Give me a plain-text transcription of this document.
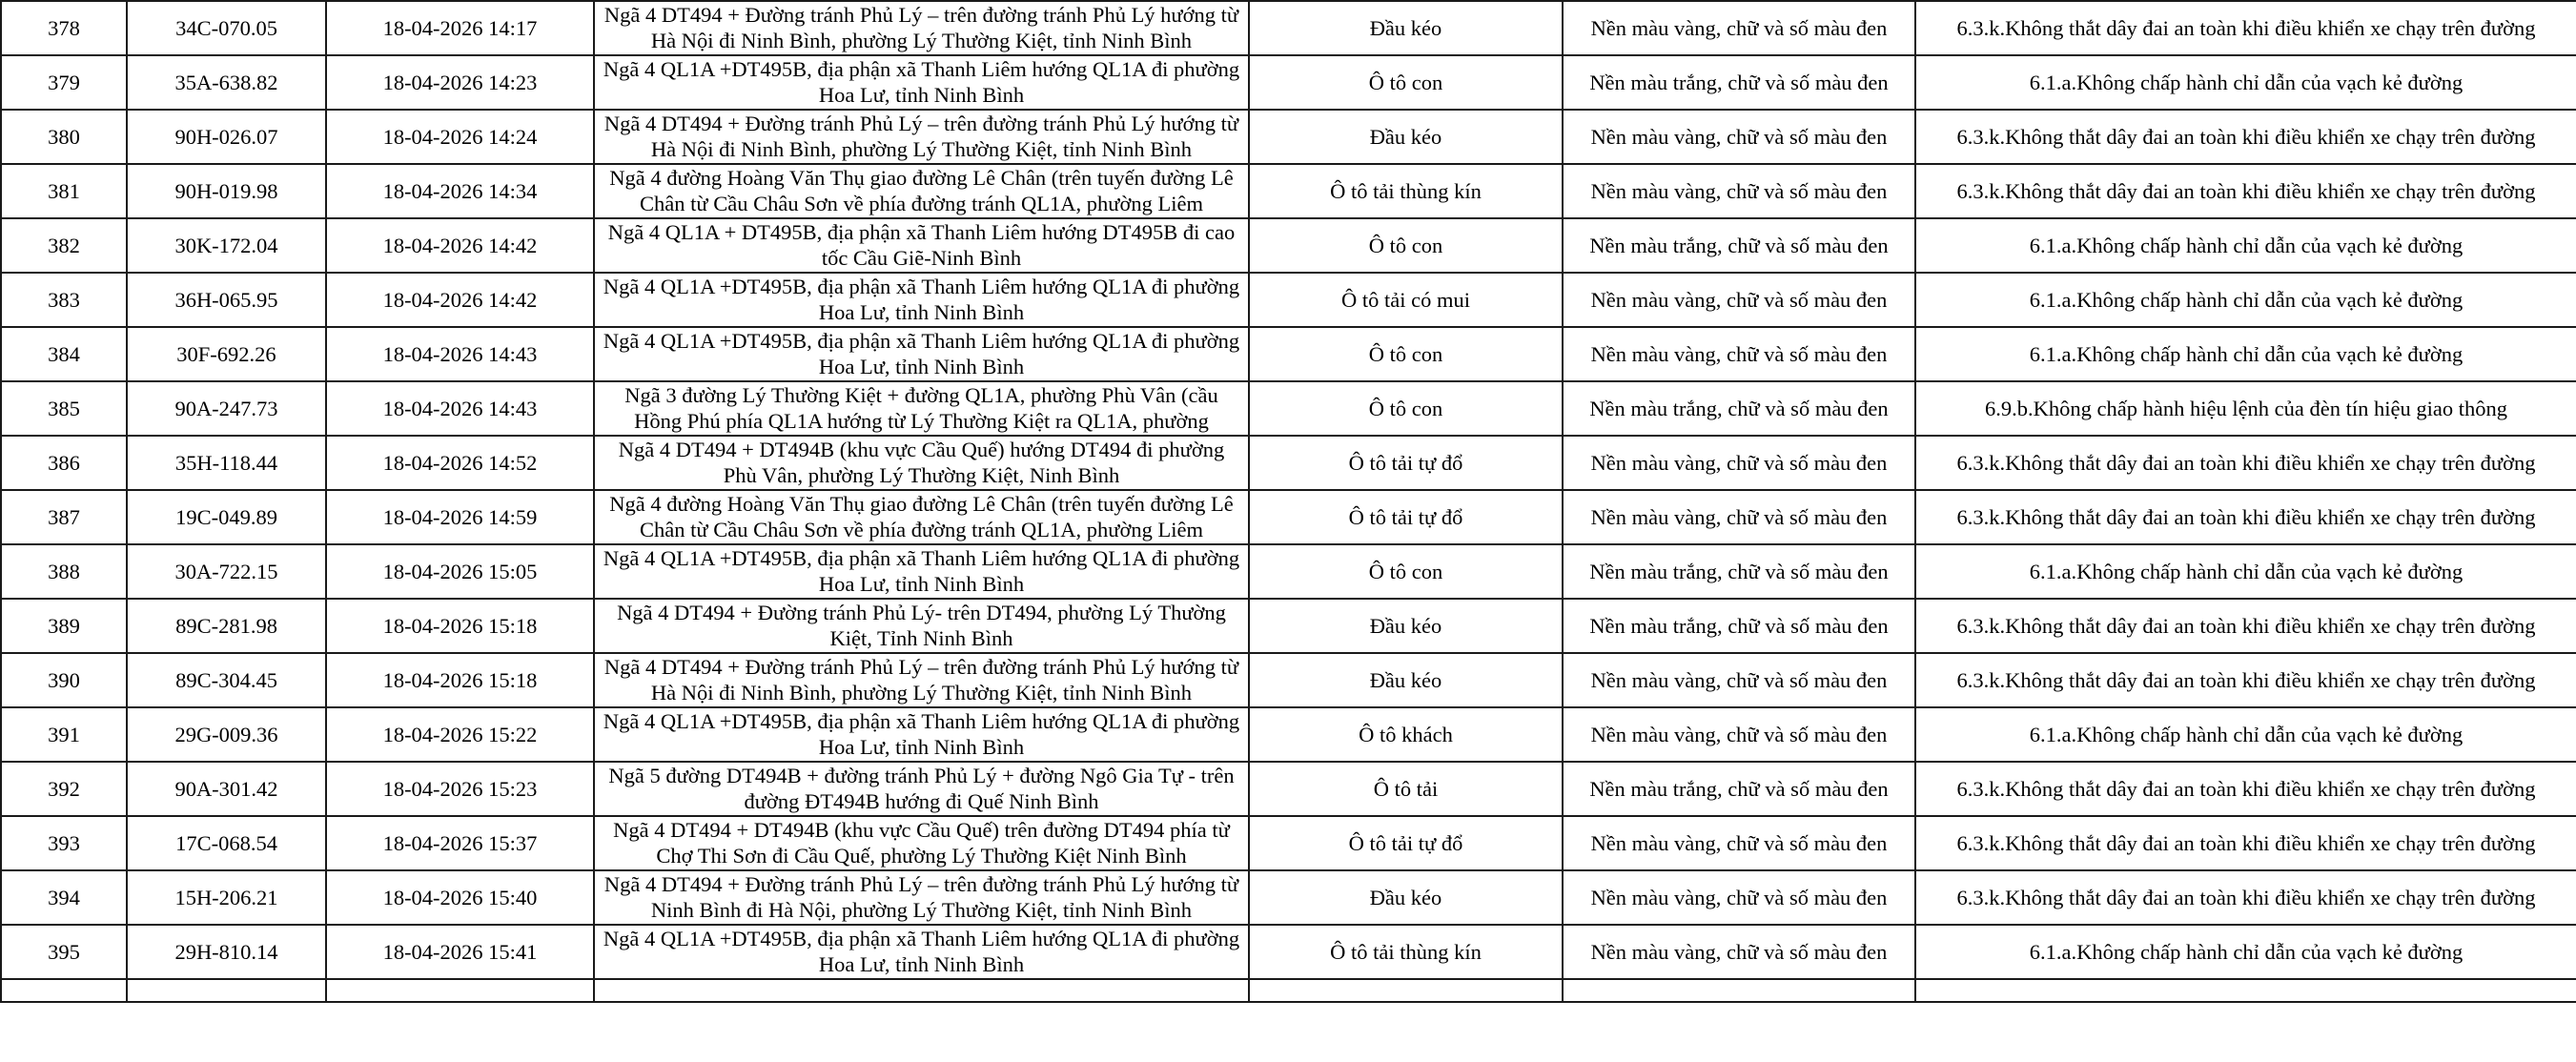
378	34C-070.05	18-04-2026 14:17	Ngã 4 DT494 + Đường tránh Phủ Lý – trên đường tránh Phủ Lý hướng từ Hà Nội đi Ninh Bình, phường Lý Thường Kiệt, tỉnh Ninh Bình	Đầu kéo	Nền màu vàng, chữ và số màu đen	6.3.k.Không thắt dây đai an toàn khi điều khiển xe chạy trên đường
379	35A-638.82	18-04-2026 14:23	Ngã 4 QL1A +DT495B, địa phận xã Thanh Liêm hướng QL1A đi phường Hoa Lư, tỉnh Ninh Bình	Ô tô con	Nền màu trắng, chữ và số màu đen	6.1.a.Không chấp hành chỉ dẫn của vạch kẻ đường
380	90H-026.07	18-04-2026 14:24	Ngã 4 DT494 + Đường tránh Phủ Lý – trên đường tránh Phủ Lý hướng từ Hà Nội đi Ninh Bình, phường Lý Thường Kiệt, tỉnh Ninh Bình	Đầu kéo	Nền màu vàng, chữ và số màu đen	6.3.k.Không thắt dây đai an toàn khi điều khiển xe chạy trên đường
381	90H-019.98	18-04-2026 14:34	Ngã 4 đường Hoàng Văn Thụ giao đường Lê Chân (trên tuyến đường Lê Chân từ Cầu Châu Sơn về phía đường tránh QL1A, phường Liêm	Ô tô tải thùng kín	Nền màu vàng, chữ và số màu đen	6.3.k.Không thắt dây đai an toàn khi điều khiển xe chạy trên đường
382	30K-172.04	18-04-2026 14:42	Ngã 4 QL1A + DT495B, địa phận xã Thanh Liêm hướng DT495B đi cao tốc Cầu Giẽ-Ninh Bình	Ô tô con	Nền màu trắng, chữ và số màu đen	6.1.a.Không chấp hành chỉ dẫn của vạch kẻ đường
383	36H-065.95	18-04-2026 14:42	Ngã 4 QL1A +DT495B, địa phận xã Thanh Liêm hướng QL1A đi phường Hoa Lư, tỉnh Ninh Bình	Ô tô tải có mui	Nền màu vàng, chữ và số màu đen	6.1.a.Không chấp hành chỉ dẫn của vạch kẻ đường
384	30F-692.26	18-04-2026 14:43	Ngã 4 QL1A +DT495B, địa phận xã Thanh Liêm hướng QL1A đi phường Hoa Lư, tỉnh Ninh Bình	Ô tô con	Nền màu vàng, chữ và số màu đen	6.1.a.Không chấp hành chỉ dẫn của vạch kẻ đường
385	90A-247.73	18-04-2026 14:43	Ngã 3 đường Lý Thường Kiệt + đường QL1A, phường Phù Vân (cầu Hồng Phú phía QL1A hướng từ Lý Thường Kiệt ra QL1A, phường	Ô tô con	Nền màu trắng, chữ và số màu đen	6.9.b.Không chấp hành hiệu lệnh của đèn tín hiệu giao thông
386	35H-118.44	18-04-2026 14:52	Ngã 4 DT494 + DT494B (khu vực Cầu Quế) hướng DT494 đi phường Phù Vân, phường Lý Thường Kiệt, Ninh Bình	Ô tô tải tự đổ	Nền màu vàng, chữ và số màu đen	6.3.k.Không thắt dây đai an toàn khi điều khiển xe chạy trên đường
387	19C-049.89	18-04-2026 14:59	Ngã 4 đường Hoàng Văn Thụ giao đường Lê Chân (trên tuyến đường Lê Chân từ Cầu Châu Sơn về phía đường tránh QL1A, phường Liêm	Ô tô tải tự đổ	Nền màu vàng, chữ và số màu đen	6.3.k.Không thắt dây đai an toàn khi điều khiển xe chạy trên đường
388	30A-722.15	18-04-2026 15:05	Ngã 4 QL1A +DT495B, địa phận xã Thanh Liêm hướng QL1A đi phường Hoa Lư, tỉnh Ninh Bình	Ô tô con	Nền màu trắng, chữ và số màu đen	6.1.a.Không chấp hành chỉ dẫn của vạch kẻ đường
389	89C-281.98	18-04-2026 15:18	Ngã 4 DT494 + Đường tránh Phủ Lý- trên DT494, phường Lý Thường Kiệt, Tỉnh Ninh Bình	Đầu kéo	Nền màu trắng, chữ và số màu đen	6.3.k.Không thắt dây đai an toàn khi điều khiển xe chạy trên đường
390	89C-304.45	18-04-2026 15:18	Ngã 4 DT494 + Đường tránh Phủ Lý – trên đường tránh Phủ Lý hướng từ Hà Nội đi Ninh Bình, phường Lý Thường Kiệt, tỉnh Ninh Bình	Đầu kéo	Nền màu vàng, chữ và số màu đen	6.3.k.Không thắt dây đai an toàn khi điều khiển xe chạy trên đường
391	29G-009.36	18-04-2026 15:22	Ngã 4 QL1A +DT495B, địa phận xã Thanh Liêm hướng QL1A đi phường Hoa Lư, tỉnh Ninh Bình	Ô tô khách	Nền màu vàng, chữ và số màu đen	6.1.a.Không chấp hành chỉ dẫn của vạch kẻ đường
392	90A-301.42	18-04-2026 15:23	Ngã 5 đường DT494B + đường tránh Phủ Lý + đường Ngô Gia Tự - trên đường ĐT494B hướng đi Quế Ninh Bình	Ô tô tải	Nền màu trắng, chữ và số màu đen	6.3.k.Không thắt dây đai an toàn khi điều khiển xe chạy trên đường
393	17C-068.54	18-04-2026 15:37	Ngã 4 DT494 + DT494B (khu vực Cầu Quế) trên đường DT494 phía từ Chợ Thi Sơn đi Cầu Quế, phường Lý Thường Kiệt Ninh Bình	Ô tô tải tự đổ	Nền màu vàng, chữ và số màu đen	6.3.k.Không thắt dây đai an toàn khi điều khiển xe chạy trên đường
394	15H-206.21	18-04-2026 15:40	Ngã 4 DT494 + Đường tránh Phủ Lý – trên đường tránh Phủ Lý hướng từ Ninh Bình đi Hà Nội, phường Lý Thường Kiệt, tỉnh Ninh Bình	Đầu kéo	Nền màu vàng, chữ và số màu đen	6.3.k.Không thắt dây đai an toàn khi điều khiển xe chạy trên đường
395	29H-810.14	18-04-2026 15:41	Ngã 4 QL1A +DT495B, địa phận xã Thanh Liêm hướng QL1A đi phường Hoa Lư, tỉnh Ninh Bình	Ô tô tải thùng kín	Nền màu vàng, chữ và số màu đen	6.1.a.Không chấp hành chỉ dẫn của vạch kẻ đường
